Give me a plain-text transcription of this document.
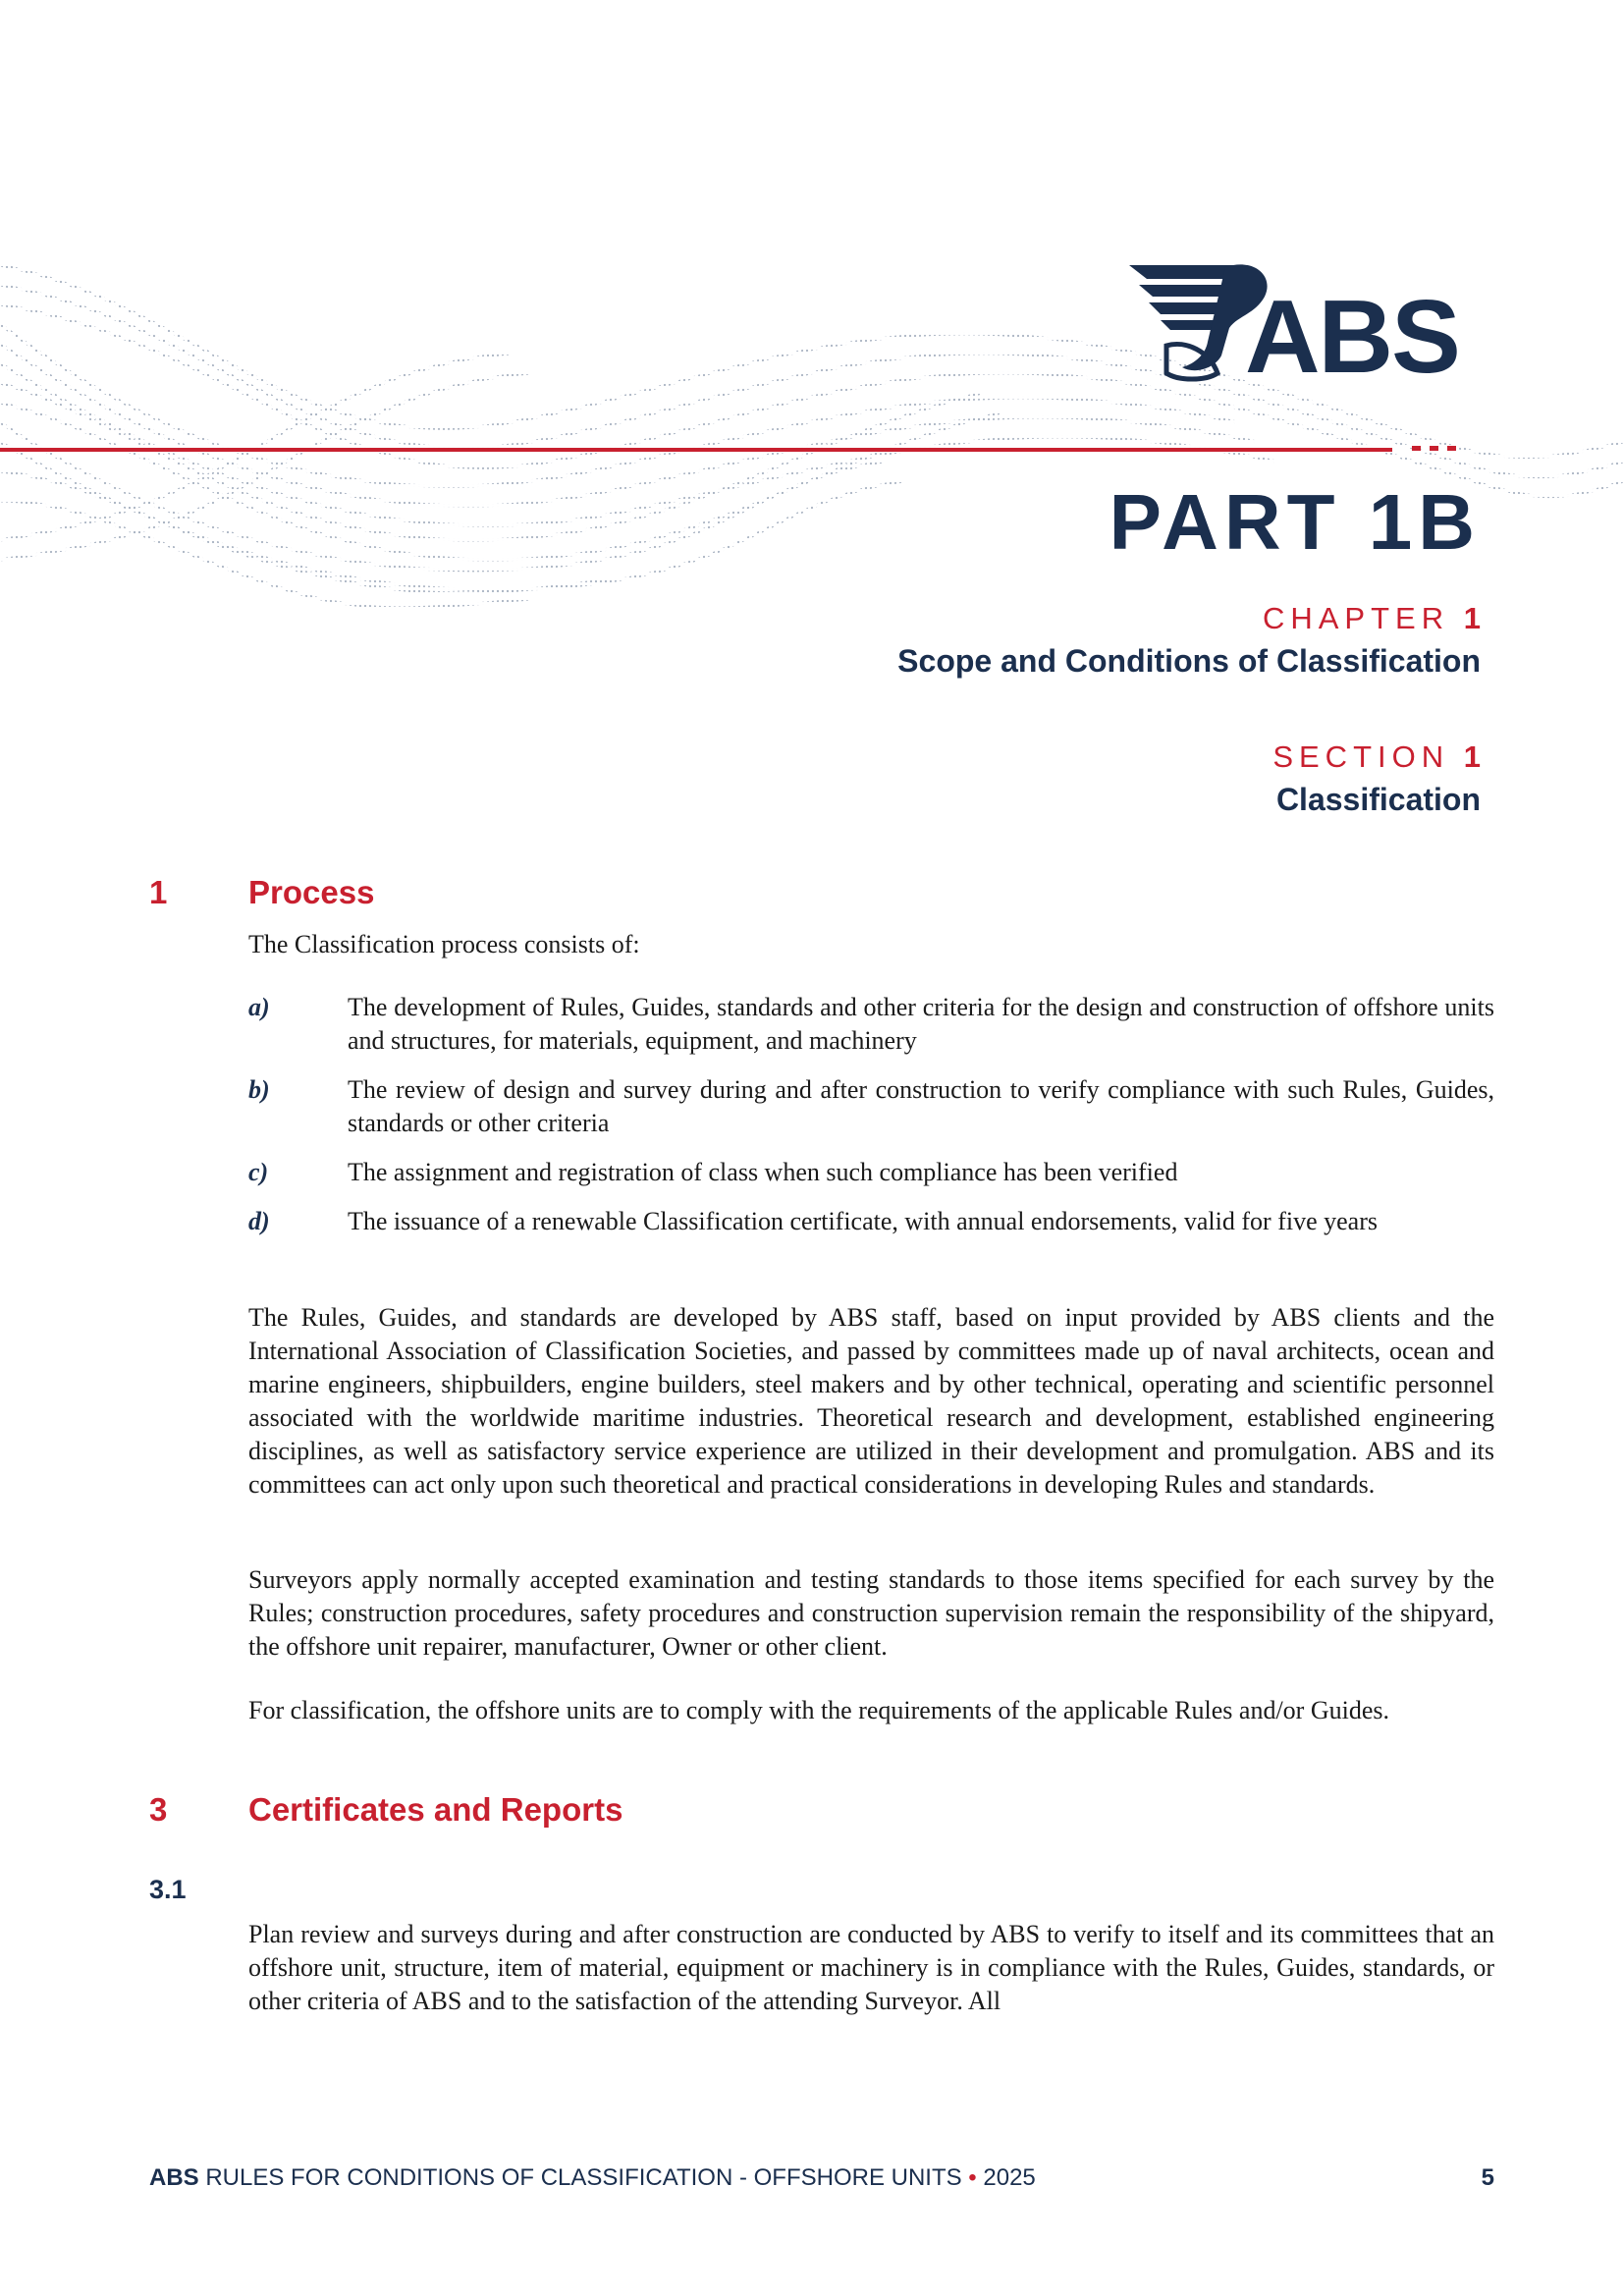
ABS
PART 1B
CHAPTER 1
Scope and Conditions of Classification
SECTION 1
Classification
1	Process
The Classification process consists of:
a)	The development of Rules, Guides, standards and other criteria for the design and construction of offshore units and structures, for materials, equipment, and machinery
b)	The review of design and survey during and after construction to verify compliance with such Rules, Guides, standards or other criteria
c)	The assignment and registration of class when such compliance has been verified
d)	The issuance of a renewable Classification certificate, with annual endorsements, valid for five years
The Rules, Guides, and standards are developed by ABS staff, based on input provided by ABS clients and the International Association of Classification Societies, and passed by committees made up of naval architects, ocean and marine engineers, shipbuilders, engine builders, steel makers and by other technical, operating and scientific personnel associated with the worldwide maritime industries. Theoretical research and development, established engineering disciplines, as well as satisfactory service experience are utilized in their development and promulgation. ABS and its committees can act only upon such theoretical and practical considerations in developing Rules and standards.
Surveyors apply normally accepted examination and testing standards to those items specified for each survey by the Rules; construction procedures, safety procedures and construction supervision remain the responsibility of the shipyard, the offshore unit repairer, manufacturer, Owner or other client.
For classification, the offshore units are to comply with the requirements of the applicable Rules and/or Guides.
3	Certificates and Reports
3.1
Plan review and surveys during and after construction are conducted by ABS to verify to itself and its committees that an offshore unit, structure, item of material, equipment or machinery is in compliance with the Rules, Guides, standards, or other criteria of ABS and to the satisfaction of the attending Surveyor. All
ABS RULES FOR CONDITIONS OF CLASSIFICATION - OFFSHORE UNITS • 2025	5
